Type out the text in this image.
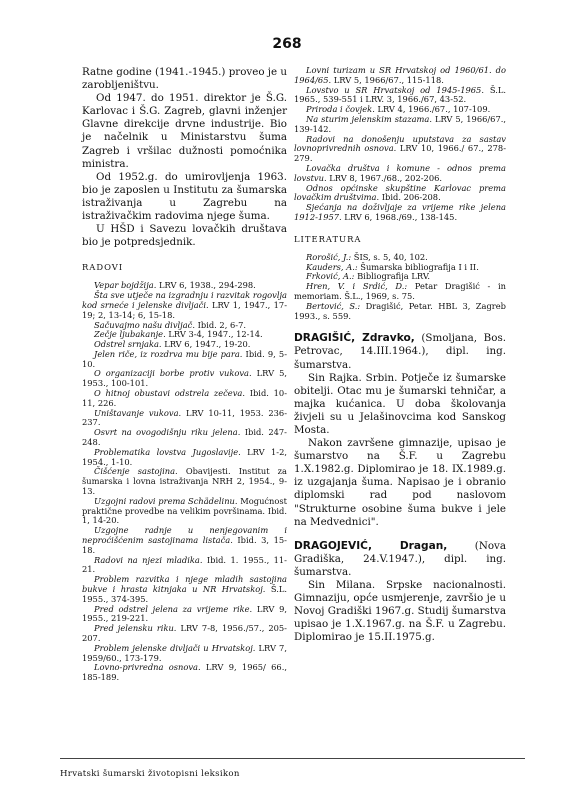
268

Ratne godine (1941.-1945.) proveo je u zarobljeništvu.

Od 1947. do 1951. direktor je Š.G. Karlovac i Š.G. Zagreb, glavni inženjer Glavne direkcije drvne industrije. Bio je načelnik u Ministarstvu šuma Zagreb i vršilac dužnosti pomoćnika ministra.

Od 1952.g. do umirovljenja 1963. bio je zaposlen u Institutu za šumarska istraživanja u Zagrebu na istraživačkim radovima njege šuma.

U HŠD i Savezu lovačkih društava bio je potpredsjednik.

RADOVI

Vepar bojdžija. LRV 6, 1938., 294-298.
Šta sve utječe na izgradnju i razvitak rogovlja kod srneće i jelenske divljači. LRV 1, 1947., 17-19; 2, 13-14; 6, 15-18.
Sačuvajmo našu divljač. Ibid. 2, 6-7.
Zečje ljubakanje. LRV 3-4, 1947., 12-14.
Odstrel srnjaka. LRV 6, 1947., 19-20.
Jelen riče, iz rozdrva mu bije para. Ibid. 9, 5-10.
O organizaciji borbe protiv vukova. LRV 5, 1953., 100-101.
O hitnoj obustavi odstrela zečeva. Ibid. 10-11, 226.
Uništavanje vukova. LRV 10-11, 1953. 236-237.
Osvrt na ovogodišnju riku jelena. Ibid. 247-248.
Problematika lovstva Jugoslavije. LRV 1-2, 1954., 1-10.
Čišćenje sastojina. Obavijesti. Institut za šumarska i lovna istraživanja NRH 2, 1954., 9-13.
Uzgojni radovi prema Schädelinu. Mogućnost praktične provedbe na velikim površinama. Ibid. 1, 14-20.
Uzgojne radnje u nenjegovanim i neproćišćenim sastojinama listača. Ibid. 3, 15-18.
Radovi na njezi mladika. Ibid. 1. 1955., 11-21.
Problem razvitka i njege mladih sastojina bukve i hrasta kitnjaka u NR Hrvatskoj. Š.L. 1955., 374-395.
Pred odstrel jelena za vrijeme rike. LRV 9, 1955., 219-221.
Pred jelensku riku. LRV 7-8, 1956./57., 205-207.
Problem jelenske divljači u Hrvatskoj. LRV 7, 1959/60., 173-179.
Lovno-privredna osnova. LRV 9, 1965/ 66., 185-189.
Lovni turizam u SR Hrvatskoj od 1960/61. do 1964/65. LRV 5, 1966/67., 115-118.
Lovstvo u SR Hrvatskoj od 1945-1965. Š.L. 1965., 539-551 i LRV. 3, 1966./67, 43-52.
Priroda i čovjek. LRV 4, 1966./67., 107-109.
Na sturim jelenskim stazama. LRV 5, 1966/67., 139-142.
Radovi na donošenju uputstava za sastav lovnoprivrednih osnova. LRV 10, 1966./ 67., 278-279.
Lovačka društva i komune - odnos prema lovstvu. LRV 8, 1967./68., 202-206.
Odnos općinske skupštine Karlovac prema lovačkim društvima. Ibid. 206-208.
Sjećanja na doživljaje za vrijeme rike jelena 1912-1957. LRV 6, 1968./69., 138-145.

LITERATURA

Rorošić, J.: ŠIS, s. 5, 40, 102.
Kauders, A.: Šumarska bibliografija I i II.
Frković, A.: Bibliografija LRV.
Hren, V. i Srdić, D.: Petar Dragišić - in memoriam. Š.L., 1969, s. 75.
Bertović, S.: Dragišić, Petar. HBL 3, Zagreb 1993., s. 559.

DRAGIŠIĆ, Zdravko, (Smoljana, Bos. Petrovac, 14.III.1964.), dipl. ing. šumarstva.

Sin Rajka. Srbin. Potječe iz šumarske obitelji. Otac mu je šumarski tehničar, a majka kućanica. U doba školovanja živjeli su u Jelašinovcima kod Sanskog Mosta.

Nakon završene gimnazije, upisao je šumarstvo na Š.F. u Zagrebu 1.X.1982.g. Diplomirao je 18. IX.1989.g. iz uzgajanja šuma. Napisao je i obranio diplomski rad pod naslovom "Strukturne osobine šuma bukve i jele na Medvednici".

DRAGOJEVIĆ, Dragan, (Nova Gradiška, 24.V.1947.), dipl. ing. šumarstva.

Sin Milana. Srpske nacionalnosti. Gimnaziju, opće usmjerenje, završio je u Novoj Gradiški 1967.g. Studij šumarstva upisao je 1.X.1967.g. na Š.F. u Zagrebu. Diplomirao je 15.II.1975.g.

Hrvatski šumarski životopisni leksikon
